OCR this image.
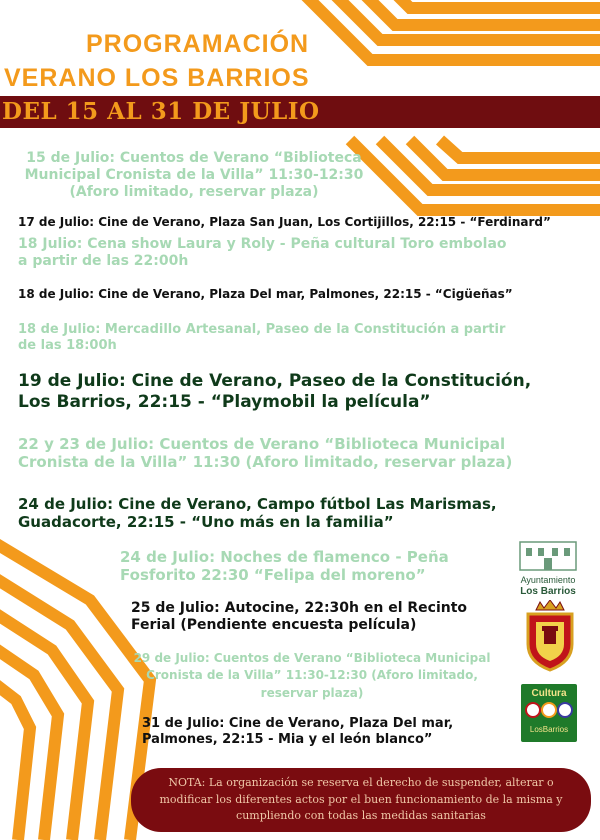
PROGRAMACIÓN
VERANO LOS BARRIOS
DEL 15 AL 31 DE JULIO
15 de Julio: Cuentos de Verano “Biblioteca
Municipal Cronista de la Villa” 11:30-12:30
(Aforo limitado, reservar plaza)
17 de Julio: Cine de Verano, Plaza San Juan, Los Cortijillos, 22:15 - “Ferdinard”
18 Julio: Cena show Laura y Roly - Peña cultural Toro embolao
a partir de las 22:00h
18 de Julio: Cine de Verano, Plaza Del mar, Palmones, 22:15 - “Cigüeñas”
18 de Julio: Mercadillo Artesanal, Paseo de la Constitución a partir
de las 18:00h
19 de Julio: Cine de Verano, Paseo de la Constitución,
Los Barrios, 22:15 - “Playmobil la película”
22 y 23 de Julio: Cuentos de Verano “Biblioteca Municipal
Cronista de la Villa” 11:30 (Aforo limitado, reservar plaza)
24 de Julio: Cine de Verano, Campo fútbol Las Marismas,
Guadacorte, 22:15 - “Uno más en la familia”
24 de Julio: Noches de flamenco - Peña
Fosforito 22:30 “Felipa del moreno”
25 de Julio: Autocine, 22:30h en el Recinto
Ferial (Pendiente encuesta película)
29 de Julio: Cuentos de Verano “Biblioteca Municipal
Cronista de la Villa” 11:30-12:30 (Aforo limitado,
reservar plaza)
31 de Julio: Cine de Verano, Plaza Del mar,
Palmones, 22:15 - Mia y el león blanco”
Ayuntamiento
Los Barrios
Cultura
LosBarrios
NOTA: La organización se reserva el derecho de suspender, alterar o modificar los diferentes actos por el buen funcionamiento de la misma y cumpliendo con todas las medidas sanitarias
